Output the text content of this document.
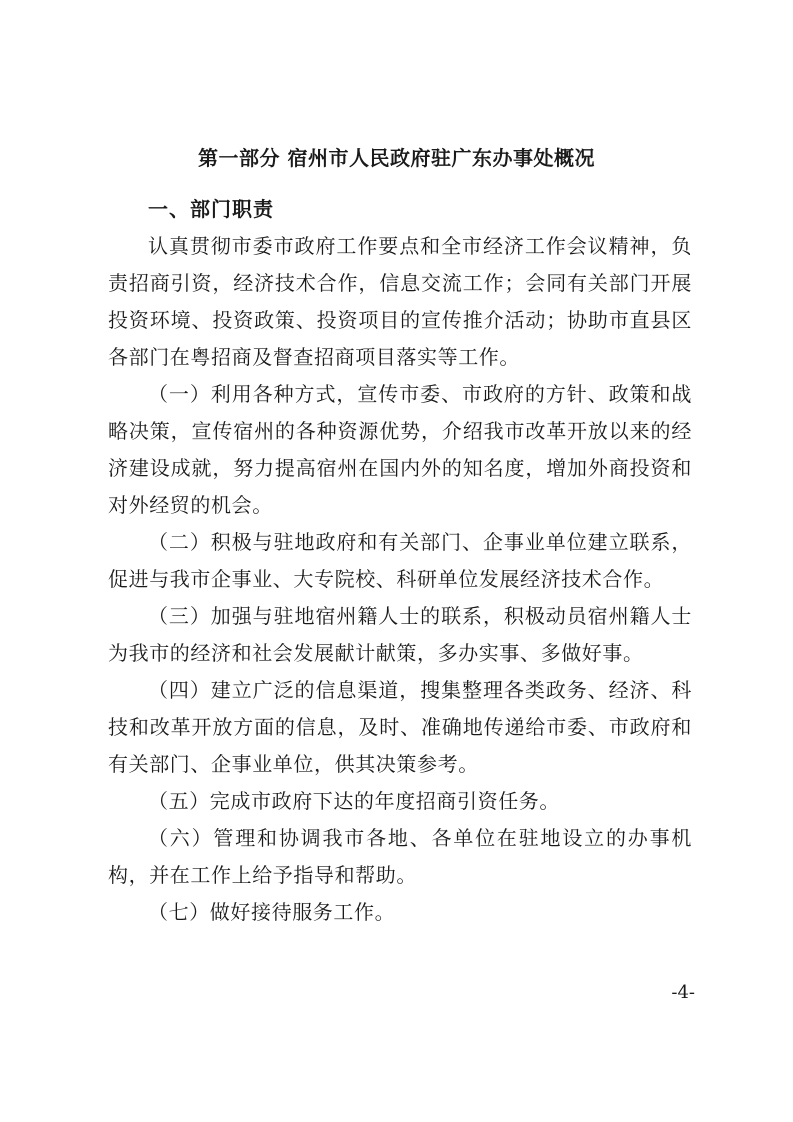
第一部分 宿州市人民政府驻广东办事处概况
一、部门职责

认真贯彻市委市政府工作要点和全市经济工作会议精神，负责招商引资，经济技术合作，信息交流工作；会同有关部门开展投资环境、投资政策、投资项目的宣传推介活动；协助市直县区各部门在粤招商及督查招商项目落实等工作。

（一）利用各种方式，宣传市委、市政府的方针、政策和战略决策，宣传宿州的各种资源优势，介绍我市改革开放以来的经济建设成就，努力提高宿州在国内外的知名度，增加外商投资和对外经贸的机会。

（二）积极与驻地政府和有关部门、企事业单位建立联系，促进与我市企事业、大专院校、科研单位发展经济技术合作。

（三）加强与驻地宿州籍人士的联系，积极动员宿州籍人士为我市的经济和社会发展献计献策，多办实事、多做好事。

（四）建立广泛的信息渠道，搜集整理各类政务、经济、科技和改革开放方面的信息，及时、准确地传递给市委、市政府和有关部门、企事业单位，供其决策参考。

（五）完成市政府下达的年度招商引资任务。

（六）管理和协调我市各地、各单位在驻地设立的办事机构，并在工作上给予指导和帮助。

（七）做好接待服务工作。

-4-
